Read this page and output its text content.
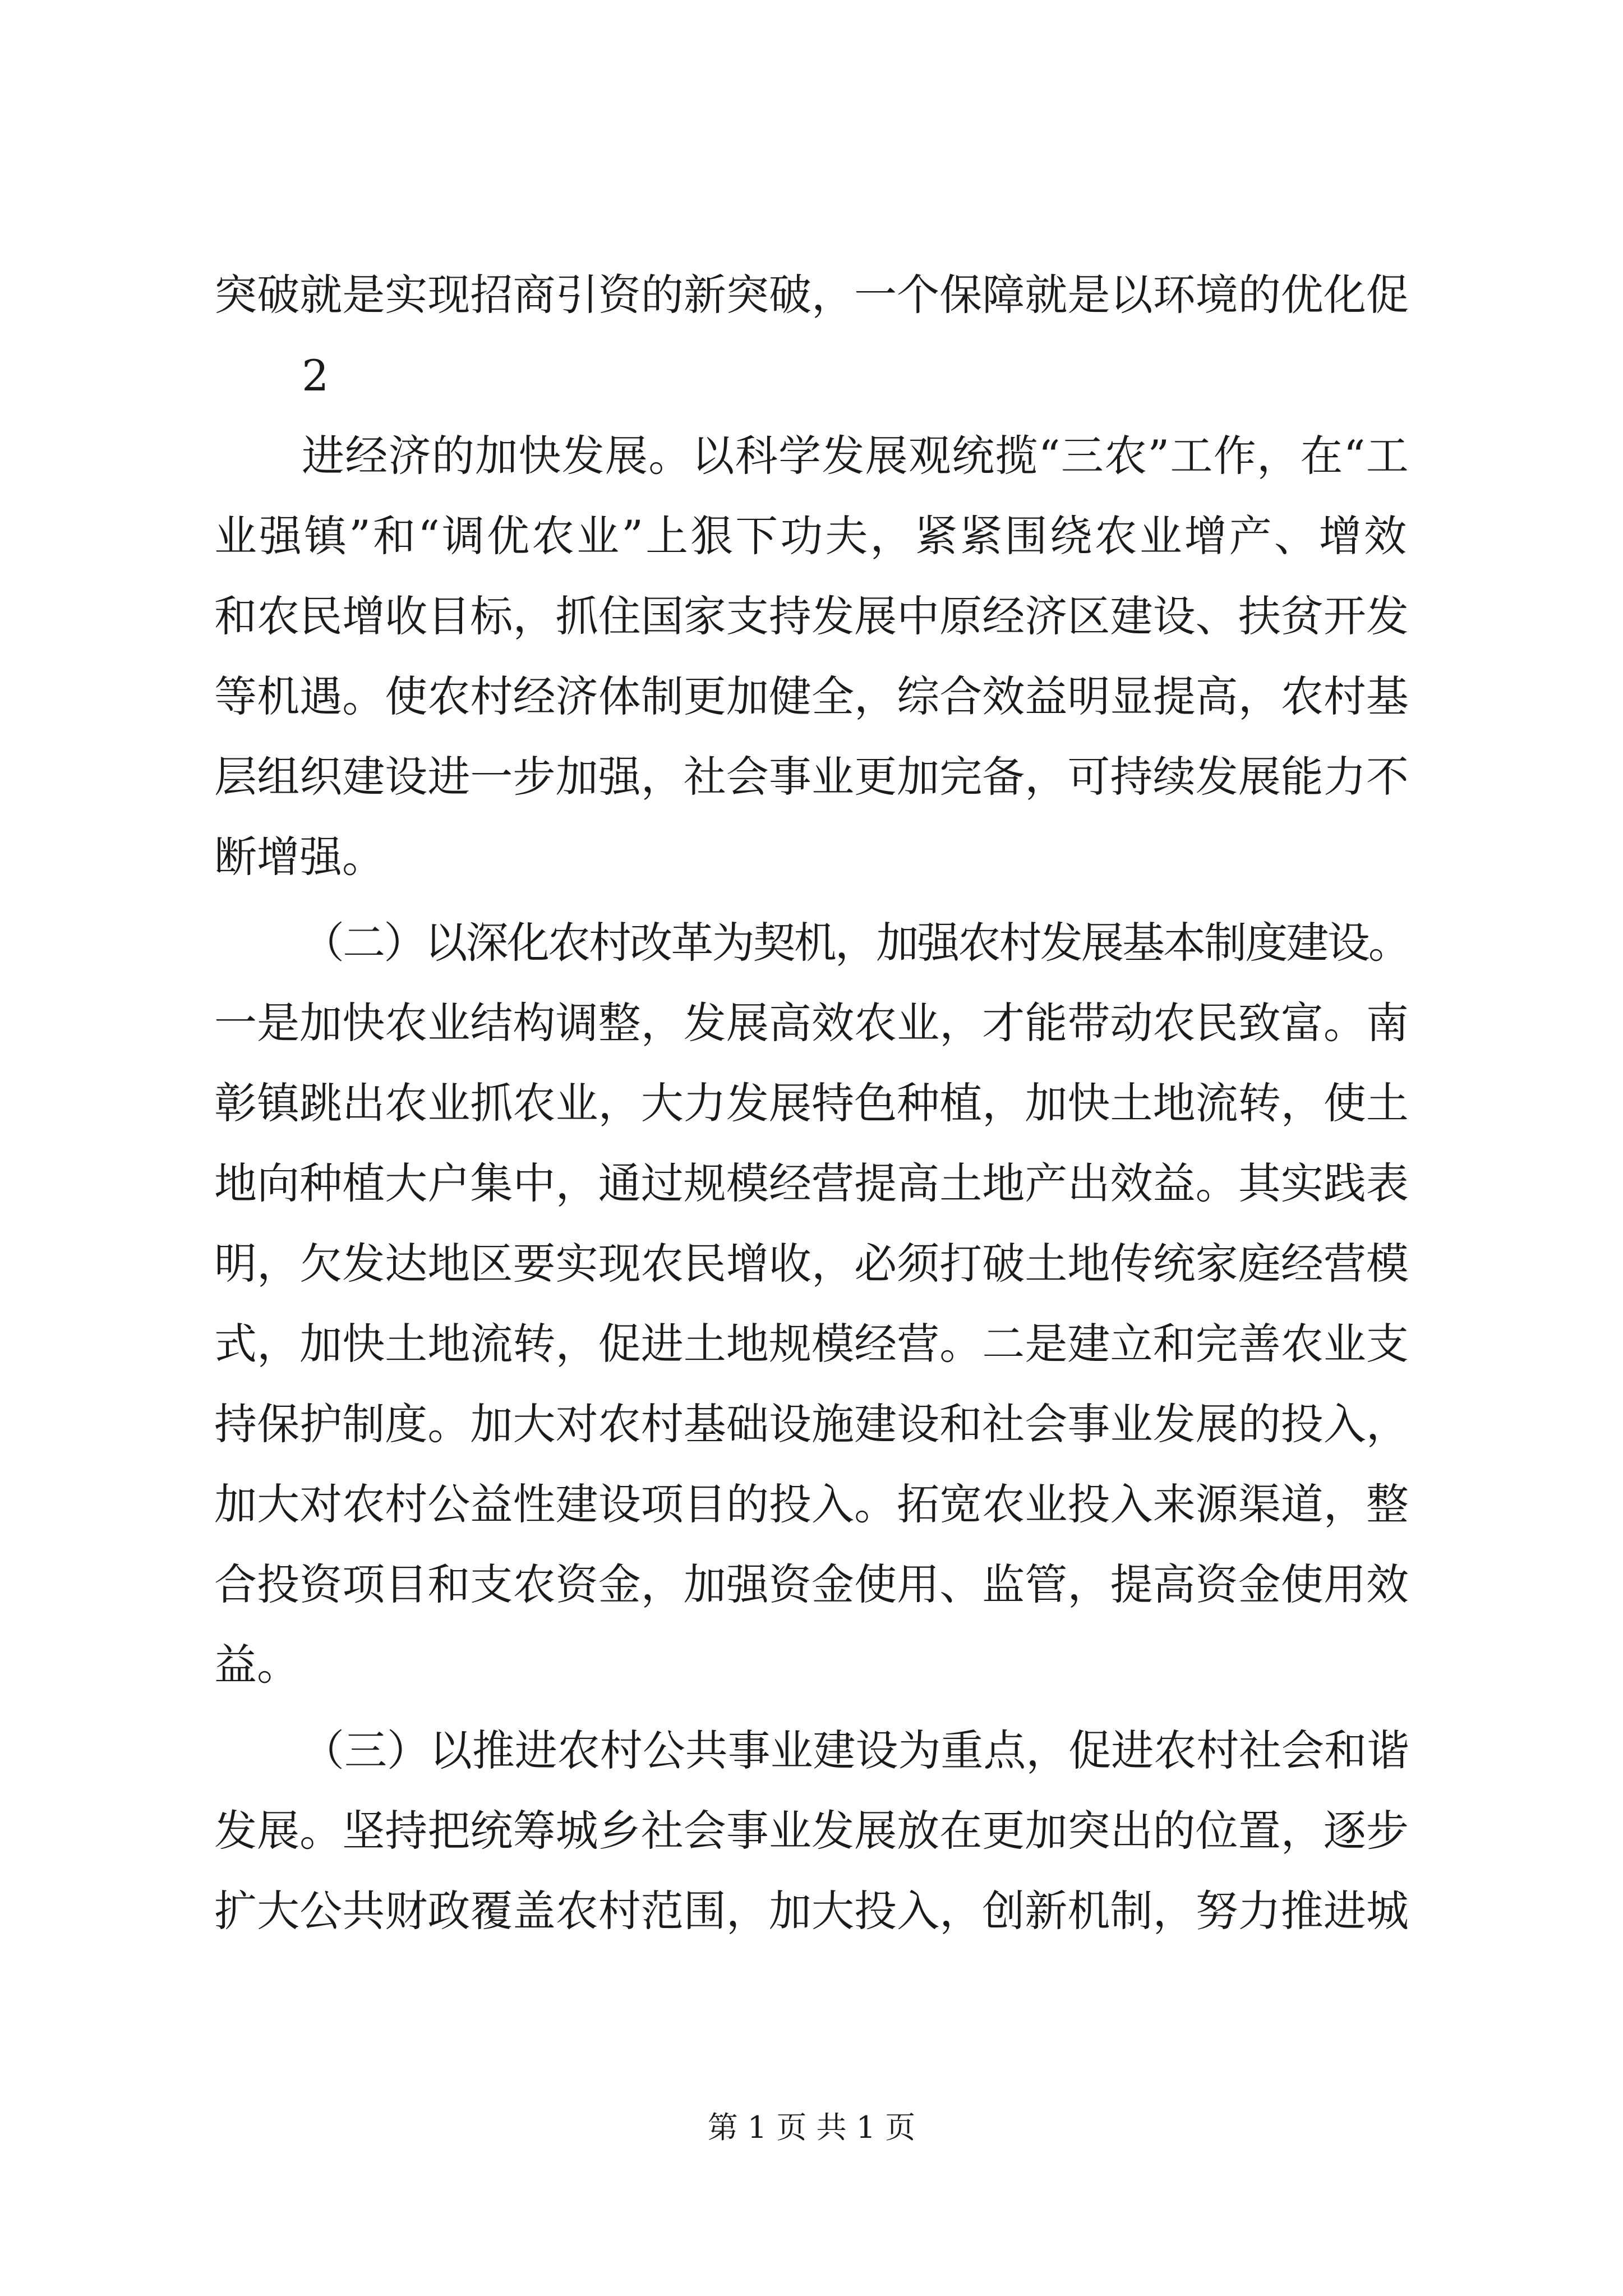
突破就是实现招商引资的新突破，一个保障就是以环境的优化促
2
进经济的加快发展。以科学发展观统揽“三农”工作，在“工
业强镇”和“调优农业”上狠下功夫，紧紧围绕农业增产、增效
和农民增收目标，抓住国家支持发展中原经济区建设、扶贫开发
等机遇。使农村经济体制更加健全，综合效益明显提高，农村基
层组织建设进一步加强，社会事业更加完备，可持续发展能力不
断增强。
（二）以深化农村改革为契机，加强农村发展基本制度建设。
一是加快农业结构调整，发展高效农业，才能带动农民致富。南
彰镇跳出农业抓农业，大力发展特色种植，加快土地流转，使土
地向种植大户集中，通过规模经营提高土地产出效益。其实践表
明，欠发达地区要实现农民增收，必须打破土地传统家庭经营模
式，加快土地流转，促进土地规模经营。二是建立和完善农业支
持保护制度。加大对农村基础设施建设和社会事业发展的投入，
加大对农村公益性建设项目的投入。拓宽农业投入来源渠道，整
合投资项目和支农资金，加强资金使用、监管，提高资金使用效
益。
（三）以推进农村公共事业建设为重点，促进农村社会和谐
发展。坚持把统筹城乡社会事业发展放在更加突出的位置，逐步
扩大公共财政覆盖农村范围，加大投入，创新机制，努力推进城
第 1 页 共 1 页
